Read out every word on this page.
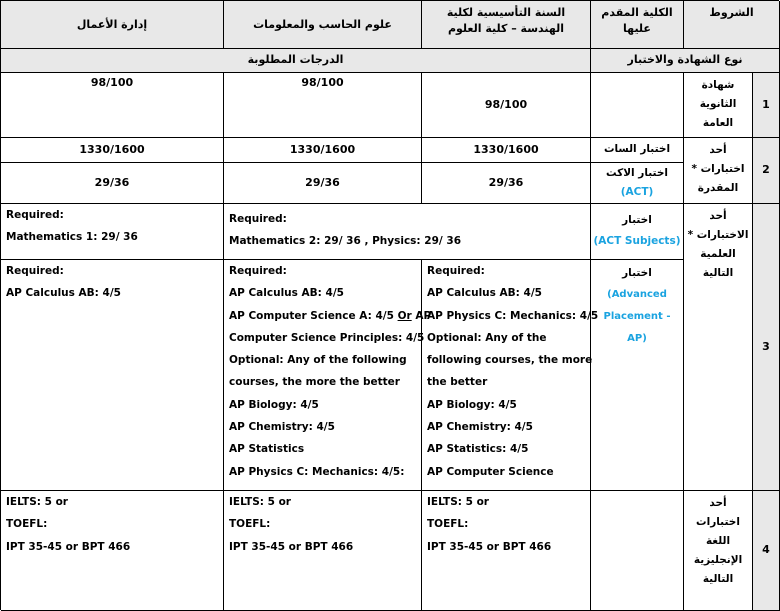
الشروط
الكلية المقدم عليها
السنة التأسيسية لكلية الهندسة – كلية العلوم
علوم الحاسب والمعلومات
إدارة الأعمال
نوع الشهادة والاختبار
الدرجات المطلوبة
1
شهادة الثانوية العامة
98/100
98/100
98/100
2
أحد اختبارات * المقدرة
اختبار السات
1330/1600
1330/1600
1330/1600
اختبار الاكت
(ACT)
29/36
29/36
29/36
3
أحد الاختبارات * العلمية التالية
اختبار
(ACT Subjects)
Required:
Mathematics 2: 29/ 36 , Physics: 29/ 36
Required:
Mathematics 1: 29/ 36
اختبار
(Advanced
Placement -
AP)
Required:
AP Calculus AB: 4/5
AP Physics C: Mechanics: 4/5
Optional: Any of the
following courses, the more
the better
AP Biology: 4/5
AP Chemistry: 4/5
AP Statistics: 4/5
AP Computer Science
Required:
AP Calculus AB: 4/5
AP Computer Science A: 4/5 Or AP
Computer Science Principles: 4/5
Optional: Any of the following
courses, the more the better
AP Biology: 4/5
AP Chemistry: 4/5
AP Statistics
AP Physics C: Mechanics: 4/5:
Required:
AP Calculus AB: 4/5
4
أحد اختبارات اللغة الإنجليزية التالية
IELTS: 5 or
TOEFL:
IPT 35-45 or BPT 466
IELTS: 5 or
TOEFL:
IPT 35-45 or BPT 466
IELTS: 5 or
TOEFL:
IPT 35-45 or BPT 466
